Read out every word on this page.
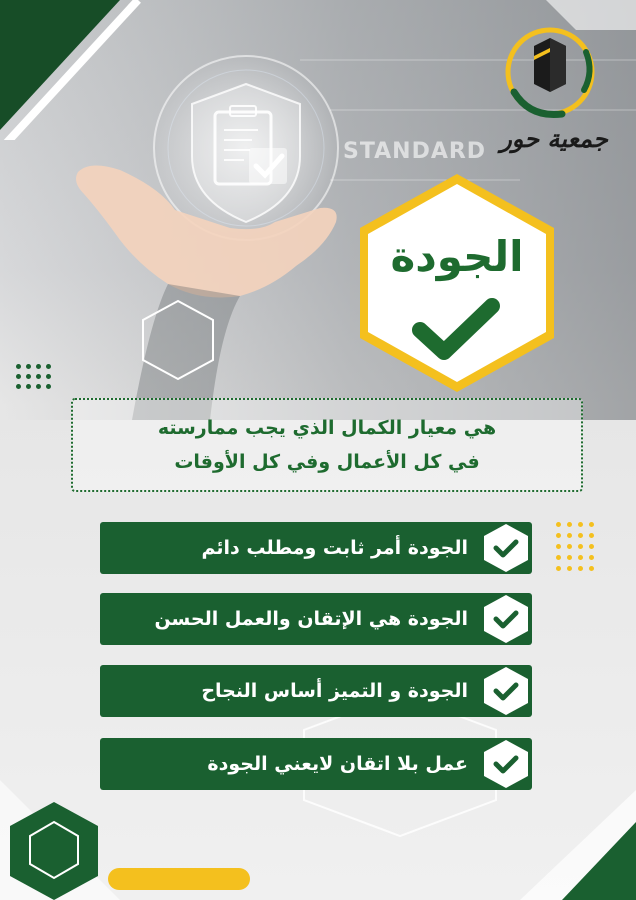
STANDARD جمعية حور
الجودة
هي معيار الكمال الذي يجب ممارسته
في كل الأعمال وفي كل الأوقات
الجودة أمر ثابت ومطلب دائم
الجودة هي الإتقان والعمل الحسن
الجودة و التميز أساس النجاح
عمل بلا اتقان لايعني الجودة
